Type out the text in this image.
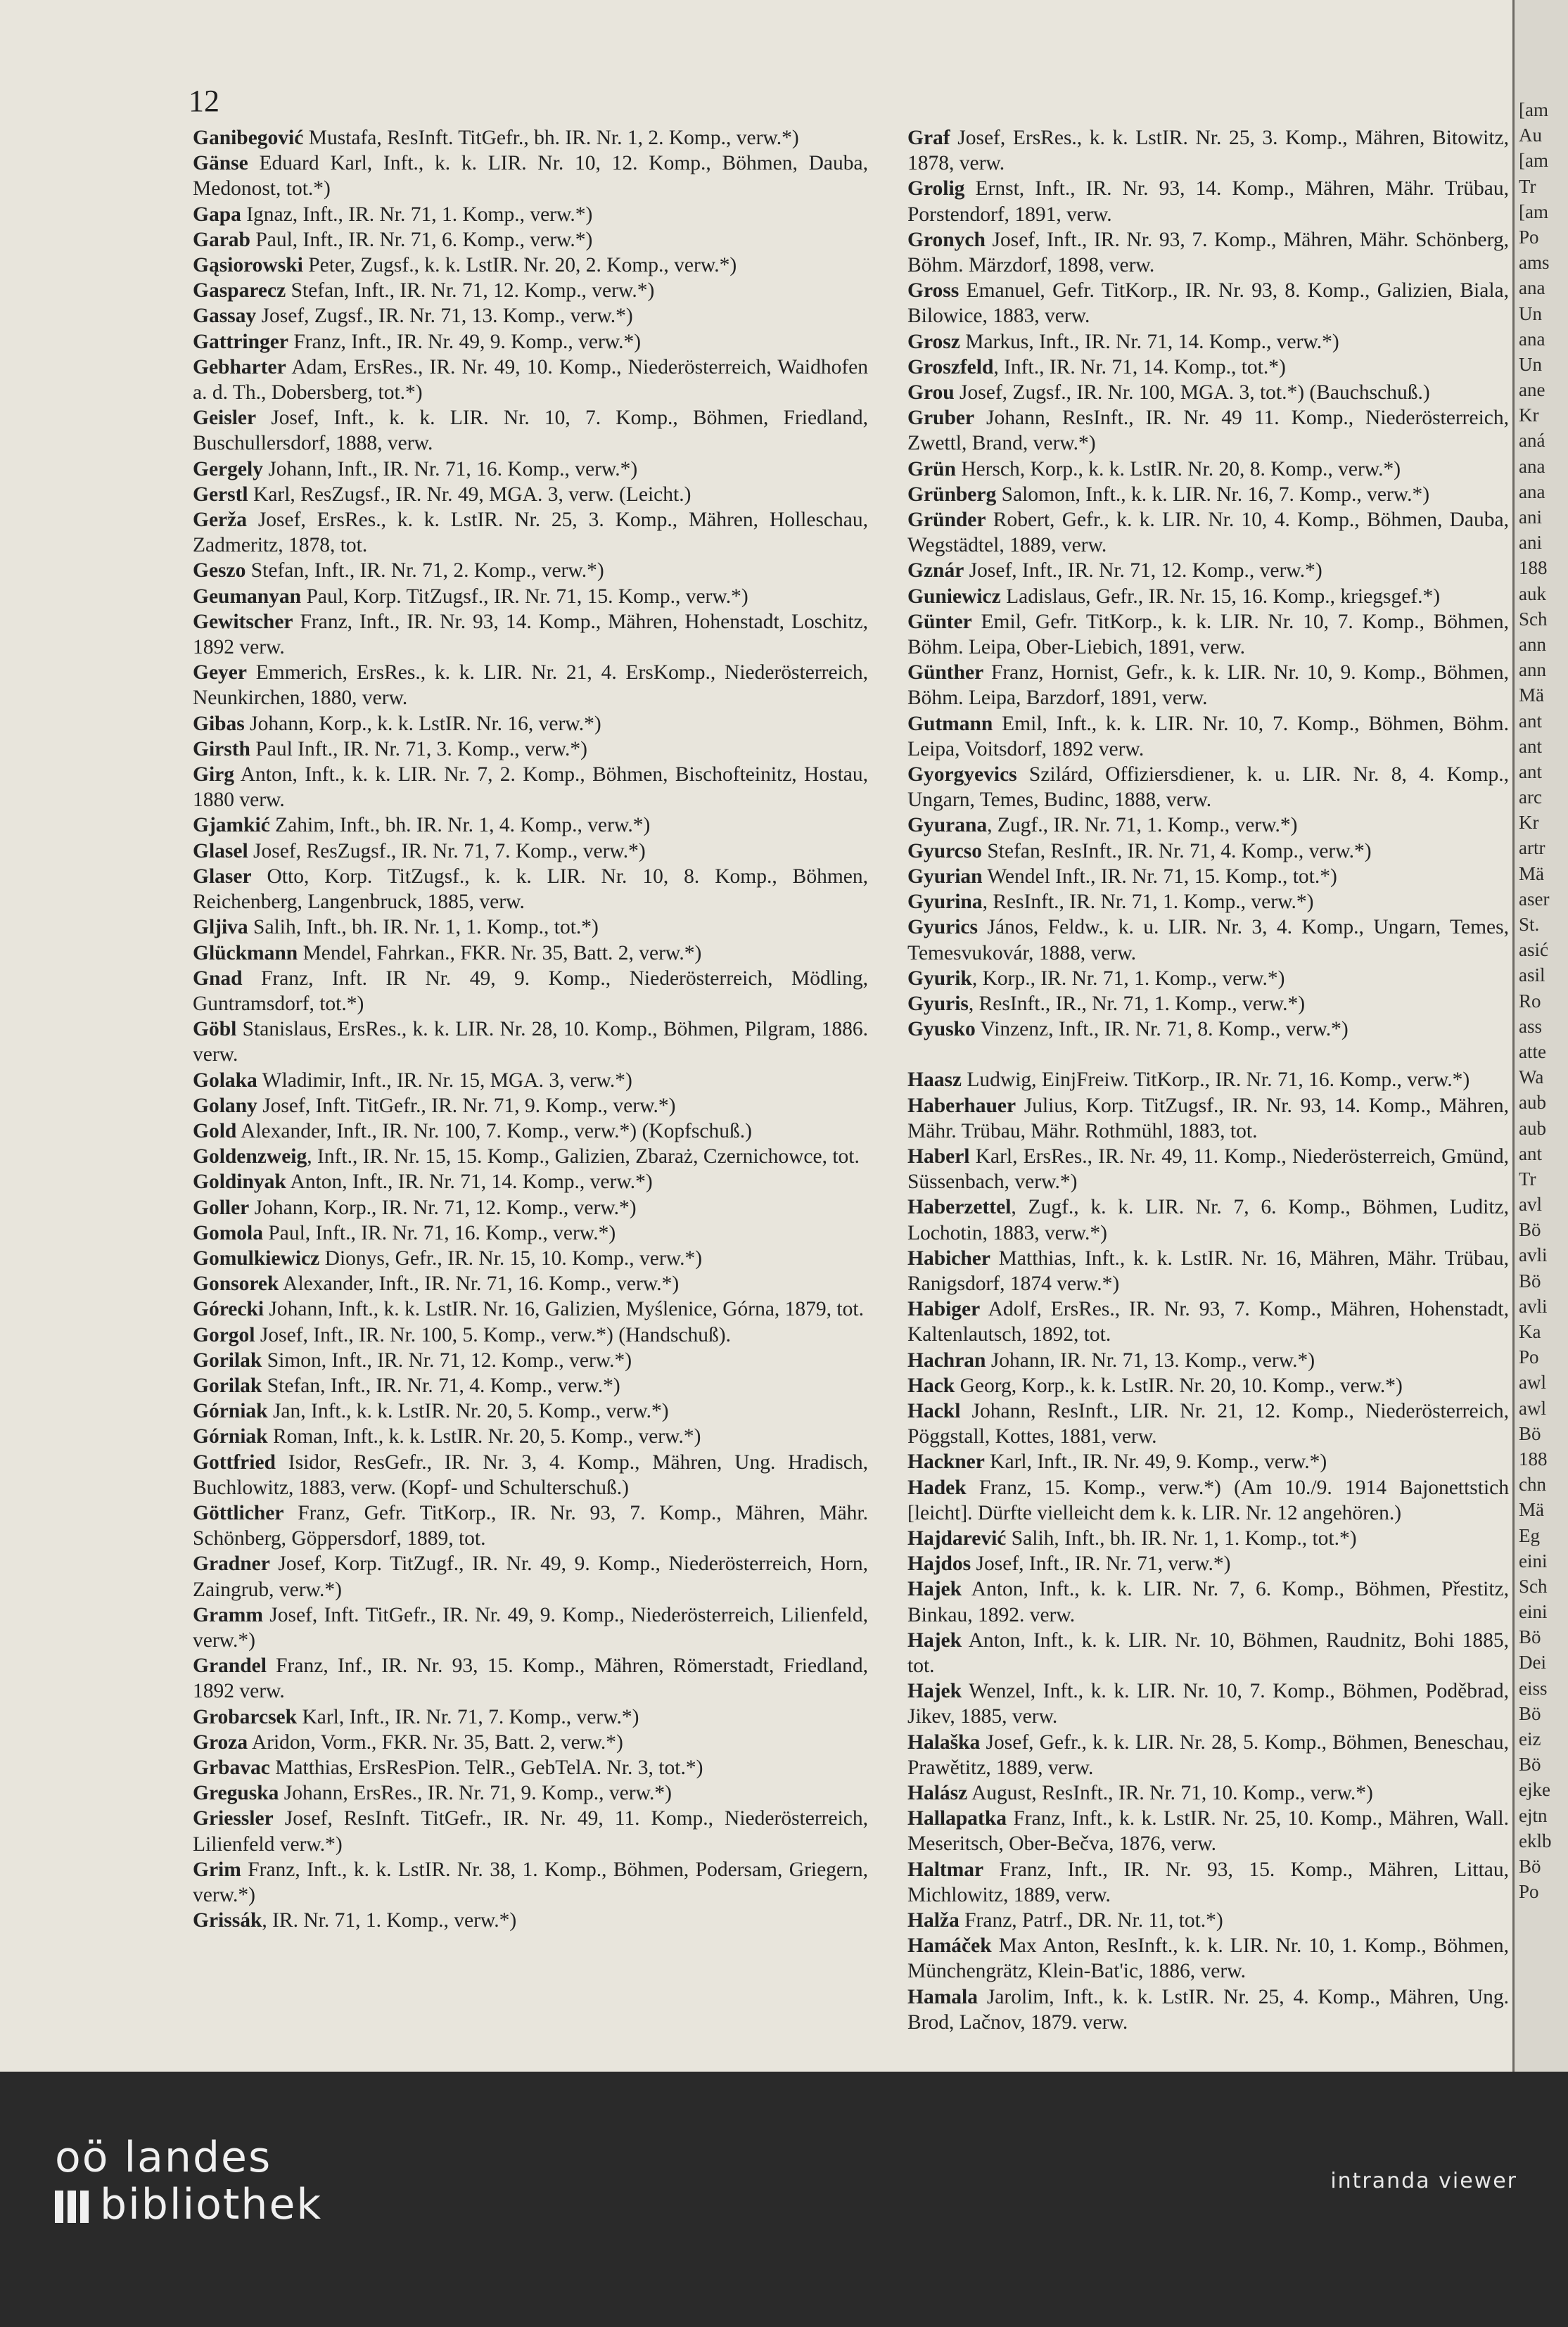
12

Ganibegović Mustafa, ResInft. TitGefr., bh. IR. Nr. 1, 2. Komp., verw.*)

Gänse Eduard Karl, Inft., k. k. LIR. Nr. 10, 12. Komp., Böhmen, Dauba, Medonost, tot.*)

Gapa Ignaz, Inft., IR. Nr. 71, 1. Komp., verw.*)

Garab Paul, Inft., IR. Nr. 71, 6. Komp., verw.*)

Gąsiorowski Peter, Zugsf., k. k. LstIR. Nr. 20, 2. Komp., verw.*)

Gasparecz Stefan, Inft., IR. Nr. 71, 12. Komp., verw.*)

Gassay Josef, Zugsf., IR. Nr. 71, 13. Komp., verw.*)

Gattringer Franz, Inft., IR. Nr. 49, 9. Komp., verw.*)

Gebharter Adam, ErsRes., IR. Nr. 49, 10. Komp., Niederösterreich, Waidhofen a. d. Th., Dobersberg, tot.*)

Geisler Josef, Inft., k. k. LIR. Nr. 10, 7. Komp., Böhmen, Friedland, Buschullersdorf, 1888, verw.

Gergely Johann, Inft., IR. Nr. 71, 16. Komp., verw.*)

Gerstl Karl, ResZugsf., IR. Nr. 49, MGA. 3, verw. (Leicht.)

Gerža Josef, ErsRes., k. k. LstIR. Nr. 25, 3. Komp., Mähren, Holleschau, Zadmeritz, 1878, tot.

Geszo Stefan, Inft., IR. Nr. 71, 2. Komp., verw.*)

Geumanyan Paul, Korp. TitZugsf., IR. Nr. 71, 15. Komp., verw.*)

Gewitscher Franz, Inft., IR. Nr. 93, 14. Komp., Mähren, Hohenstadt, Loschitz, 1892 verw.

Geyer Emmerich, ErsRes., k. k. LIR. Nr. 21, 4. ErsKomp., Niederösterreich, Neunkirchen, 1880, verw.

Gibas Johann, Korp., k. k. LstIR. Nr. 16, verw.*)

Girsth Paul Inft., IR. Nr. 71, 3. Komp., verw.*)

Girg Anton, Inft., k. k. LIR. Nr. 7, 2. Komp., Böhmen, Bischofteinitz, Hostau, 1880 verw.

Gjamkić Zahim, Inft., bh. IR. Nr. 1, 4. Komp., verw.*)

Glasel Josef, ResZugsf., IR. Nr. 71, 7. Komp., verw.*)

Glaser Otto, Korp. TitZugsf., k. k. LIR. Nr. 10, 8. Komp., Böhmen, Reichenberg, Langenbruck, 1885, verw.

Gljiva Salih, Inft., bh. IR. Nr. 1, 1. Komp., tot.*)

Glückmann Mendel, Fahrkan., FKR. Nr. 35, Batt. 2, verw.*)

Gnad Franz, Inft. IR Nr. 49, 9. Komp., Niederösterreich, Mödling, Guntramsdorf, tot.*)

Göbl Stanislaus, ErsRes., k. k. LIR. Nr. 28, 10. Komp., Böhmen, Pilgram, 1886. verw.

Golaka Wladimir, Inft., IR. Nr. 15, MGA. 3, verw.*)

Golany Josef, Inft. TitGefr., IR. Nr. 71, 9. Komp., verw.*)

Gold Alexander, Inft., IR. Nr. 100, 7. Komp., verw.*) (Kopfschuß.)

Goldenzweig, Inft., IR. Nr. 15, 15. Komp., Galizien, Zbaraż, Czernichowce, tot.

Goldinyak Anton, Inft., IR. Nr. 71, 14. Komp., verw.*)

Goller Johann, Korp., IR. Nr. 71, 12. Komp., verw.*)

Gomola Paul, Inft., IR. Nr. 71, 16. Komp., verw.*)

Gomulkiewicz Dionys, Gefr., IR. Nr. 15, 10. Komp., verw.*)

Gonsorek Alexander, Inft., IR. Nr. 71, 16. Komp., verw.*)

Górecki Johann, Inft., k. k. LstIR. Nr. 16, Galizien, Myślenice, Górna, 1879, tot.

Gorgol Josef, Inft., IR. Nr. 100, 5. Komp., verw.*) (Handschuß).

Gorilak Simon, Inft., IR. Nr. 71, 12. Komp., verw.*)

Gorilak Stefan, Inft., IR. Nr. 71, 4. Komp., verw.*)

Górniak Jan, Inft., k. k. LstIR. Nr. 20, 5. Komp., verw.*)

Górniak Roman, Inft., k. k. LstIR. Nr. 20, 5. Komp., verw.*)

Gottfried Isidor, ResGefr., IR. Nr. 3, 4. Komp., Mähren, Ung. Hradisch, Buchlowitz, 1883, verw. (Kopf- und Schulterschuß.)

Göttlicher Franz, Gefr. TitKorp., IR. Nr. 93, 7. Komp., Mähren, Mähr. Schönberg, Göppersdorf, 1889, tot.

Gradner Josef, Korp. TitZugf., IR. Nr. 49, 9. Komp., Niederösterreich, Horn, Zaingrub, verw.*)

Gramm Josef, Inft. TitGefr., IR. Nr. 49, 9. Komp., Niederösterreich, Lilienfeld, verw.*)

Grandel Franz, Inf., IR. Nr. 93, 15. Komp., Mähren, Römerstadt, Friedland, 1892 verw.

Grobarcsek Karl, Inft., IR. Nr. 71, 7. Komp., verw.*)

Groza Aridon, Vorm., FKR. Nr. 35, Batt. 2, verw.*)

Grbavac Matthias, ErsResPion. TelR., GebTelA. Nr. 3, tot.*)

Greguska Johann, ErsRes., IR. Nr. 71, 9. Komp., verw.*)

Griessler Josef, ResInft. TitGefr., IR. Nr. 49, 11. Komp., Niederösterreich, Lilienfeld verw.*)

Grim Franz, Inft., k. k. LstIR. Nr. 38, 1. Komp., Böhmen, Podersam, Griegern, verw.*)

Grissák, IR. Nr. 71, 1. Komp., verw.*)

Graf Josef, ErsRes., k. k. LstIR. Nr. 25, 3. Komp., Mähren, Bitowitz, 1878, verw.

Grolig Ernst, Inft., IR. Nr. 93, 14. Komp., Mähren, Mähr. Trübau, Porstendorf, 1891, verw.

Gronych Josef, Inft., IR. Nr. 93, 7. Komp., Mähren, Mähr. Schönberg, Böhm. Märzdorf, 1898, verw.

Gross Emanuel, Gefr. TitKorp., IR. Nr. 93, 8. Komp., Galizien, Biala, Bilowice, 1883, verw.

Grosz Markus, Inft., IR. Nr. 71, 14. Komp., verw.*)

Groszfeld, Inft., IR. Nr. 71, 14. Komp., tot.*)

Grou Josef, Zugsf., IR. Nr. 100, MGA. 3, tot.*) (Bauchschuß.)

Gruber Johann, ResInft., IR. Nr. 49 11. Komp., Niederösterreich, Zwettl, Brand, verw.*)

Grün Hersch, Korp., k. k. LstIR. Nr. 20, 8. Komp., verw.*)

Grünberg Salomon, Inft., k. k. LIR. Nr. 16, 7. Komp., verw.*)

Gründer Robert, Gefr., k. k. LIR. Nr. 10, 4. Komp., Böhmen, Dauba, Wegstädtel, 1889, verw.

Gznár Josef, Inft., IR. Nr. 71, 12. Komp., verw.*)

Guniewicz Ladislaus, Gefr., IR. Nr. 15, 16. Komp., kriegsgef.*)

Günter Emil, Gefr. TitKorp., k. k. LIR. Nr. 10, 7. Komp., Böhmen, Böhm. Leipa, Ober-Liebich, 1891, verw.

Günther Franz, Hornist, Gefr., k. k. LIR. Nr. 10, 9. Komp., Böhmen, Böhm. Leipa, Barzdorf, 1891, verw.

Gutmann Emil, Inft., k. k. LIR. Nr. 10, 7. Komp., Böhmen, Böhm. Leipa, Voitsdorf, 1892 verw.

Gyorgyevics Szilárd, Offiziersdiener, k. u. LIR. Nr. 8, 4. Komp., Ungarn, Temes, Budinc, 1888, verw.

Gyurana, Zugf., IR. Nr. 71, 1. Komp., verw.*)

Gyurcso Stefan, ResInft., IR. Nr. 71, 4. Komp., verw.*)

Gyurian Wendel Inft., IR. Nr. 71, 15. Komp., tot.*)

Gyurina, ResInft., IR. Nr. 71, 1. Komp., verw.*)

Gyurics János, Feldw., k. u. LIR. Nr. 3, 4. Komp., Ungarn, Temes, Temesvukovár, 1888, verw.

Gyurik, Korp., IR. Nr. 71, 1. Komp., verw.*)

Gyuris, ResInft., IR., Nr. 71, 1. Komp., verw.*)

Gyusko Vinzenz, Inft., IR. Nr. 71, 8. Komp., verw.*)

Haasz Ludwig, EinjFreiw. TitKorp., IR. Nr. 71, 16. Komp., verw.*)

Haberhauer Julius, Korp. TitZugsf., IR. Nr. 93, 14. Komp., Mähren, Mähr. Trübau, Mähr. Rothmühl, 1883, tot.

Haberl Karl, ErsRes., IR. Nr. 49, 11. Komp., Niederösterreich, Gmünd, Süssenbach, verw.*)

Haberzettel, Zugf., k. k. LIR. Nr. 7, 6. Komp., Böhmen, Luditz, Lochotin, 1883, verw.*)

Habicher Matthias, Inft., k. k. LstIR. Nr. 16, Mähren, Mähr. Trübau, Ranigsdorf, 1874 verw.*)

Habiger Adolf, ErsRes., IR. Nr. 93, 7. Komp., Mähren, Hohenstadt, Kaltenlautsch, 1892, tot.

Hachran Johann, IR. Nr. 71, 13. Komp., verw.*)

Hack Georg, Korp., k. k. LstIR. Nr. 20, 10. Komp., verw.*)

Hackl Johann, ResInft., LIR. Nr. 21, 12. Komp., Niederösterreich, Pöggstall, Kottes, 1881, verw.

Hackner Karl, Inft., IR. Nr. 49, 9. Komp., verw.*)

Hadek Franz, 15. Komp., verw.*) (Am 10./9. 1914 Bajonettstich [leicht]. Dürfte vielleicht dem k. k. LIR. Nr. 12 angehören.)

Hajdarević Salih, Inft., bh. IR. Nr. 1, 1. Komp., tot.*)

Hajdos Josef, Inft., IR. Nr. 71, verw.*)

Hajek Anton, Inft., k. k. LIR. Nr. 7, 6. Komp., Böhmen, Přestitz, Binkau, 1892. verw.

Hajek Anton, Inft., k. k. LIR. Nr. 10, Böhmen, Raudnitz, Bohi 1885, tot.

Hajek Wenzel, Inft., k. k. LIR. Nr. 10, 7. Komp., Böhmen, Poděbrad, Jikev, 1885, verw.

Halaška Josef, Gefr., k. k. LIR. Nr. 28, 5. Komp., Böhmen, Beneschau, Prawětitz, 1889, verw.

Halász August, ResInft., IR. Nr. 71, 10. Komp., verw.*)

Hallapatka Franz, Inft., k. k. LstIR. Nr. 25, 10. Komp., Mähren, Wall. Meseritsch, Ober-Bečva, 1876, verw.

Haltmar Franz, Inft., IR. Nr. 93, 15. Komp., Mähren, Littau, Michlowitz, 1889, verw.

Halža Franz, Patrf., DR. Nr. 11, tot.*)

Hamáček Max Anton, ResInft., k. k. LIR. Nr. 10, 1. Komp., Böhmen, Münchengrätz, Klein-Bat'ic, 1886, verw.

Hamala Jarolim, Inft., k. k. LstIR. Nr. 25, 4. Komp., Mähren, Ung. Brod, Lačnov, 1879. verw.

[am
Au
[am
Tr
[am
Po
ams
ana
Un
ana
Un
ane
Kr
aná
ana
ana
ani
ani
188
auk
Sch
ann
ann
Mä
ant
ant
ant
arc
Kr
artr
Mä
aser
St.
asić
asil
Ro
ass
atte
Wa
aub
aub
ant
Tr
avl
Bö
avli
Bö
avli
Ka
Po
awl
awl
Bö
188
chn
Mä
Eg
eini
Sch
eini
Bö
Dei
eiss
Bö
eiz
Bö
ejke
ejtn
eklb
Bö
Po
oö landes
bibliothek	intranda viewer
